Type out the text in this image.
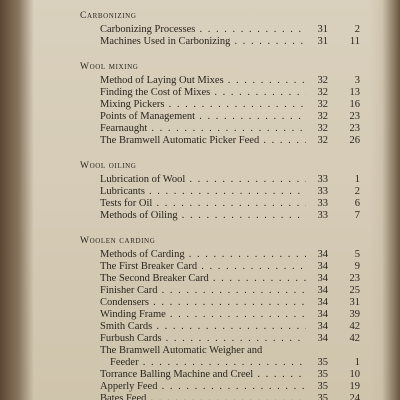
Carbonizing
Carbonizing Processes . . .	31	2
Machines Used in Carbonizing . . .	31	11
Wool mixing
Method of Laying Out Mixes . . .	32	3
Finding the Cost of Mixes . . .	32	13
Mixing Pickers . . .	32	16
Points of Management . . .	32	23
Fearnaught . . .	32	23
The Bramwell Automatic Picker Feed . . .	32	26
Wool oiling
Lubrication of Wool . . .	33	1
Lubricants . . .	33	2
Tests for Oil . . .	33	6
Methods of Oiling . . .	33	7
Woolen carding
Methods of Carding . . .	34	5
The First Breaker Card . . .	34	9
The Second Breaker Card . . .	34	23
Finisher Card . . .	34	25
Condensers . . .	34	31
Winding Frame . . .	34	39
Smith Cards . . .	34	42
Furbush Cards . . .	34	42
The Bramwell Automatic Weigher and
Feeder . . .	35	1
Torrance Balling Machine and Creel . . .	35	10
Apperly Feed . . .	35	19
Bates Feed . . .	35	24
